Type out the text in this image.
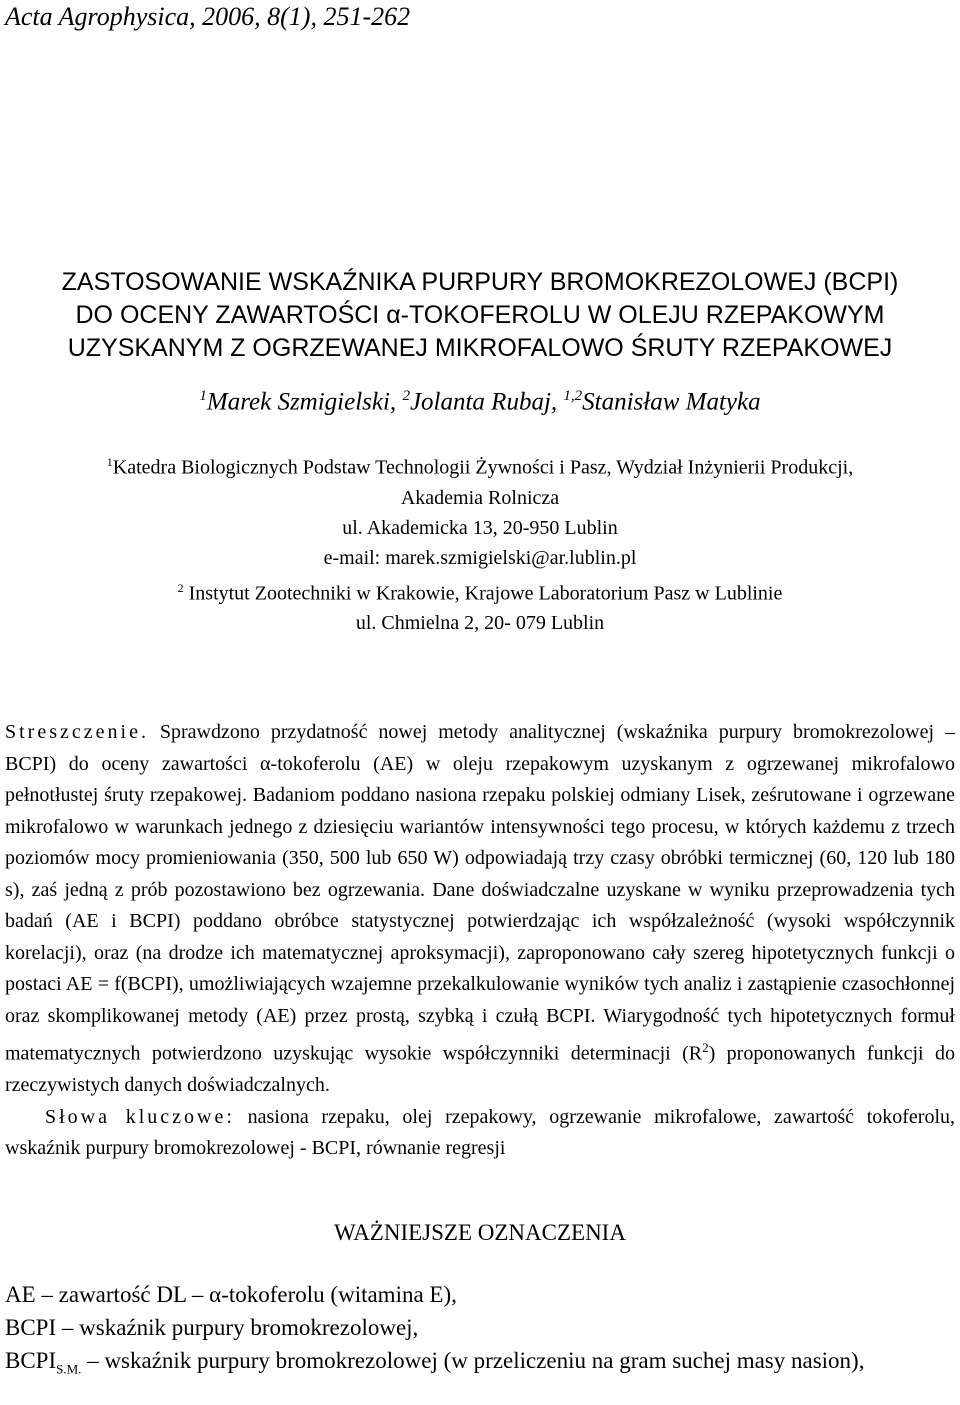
Acta Agrophysica, 2006, 8(1), 251-262
ZASTOSOWANIE WSKAŹNIKA PURPURY BROMOKREZOLOWEJ (BCPI)
DO OCENY ZAWARTOŚCI α-TOKOFEROLU W OLEJU RZEPAKOWYM
UZYSKANYM Z OGRZEWANEJ MIKROFALOWO ŚRUTY RZEPAKOWEJ
$^1$Marek Szmigielski, $^2$Jolanta Rubaj, $^{1,2}$Stanisław Matyka
$^1$Katedra Biologicznych Podstaw Technologii Żywności i Pasz, Wydział Inżynierii Produkcji,
Akademia Rolnicza
ul. Akademicka 13, 20-950 Lublin
e-mail: marek.szmigielski@ar.lublin.pl
$^2$ Instytut Zootechniki w Krakowie, Krajowe Laboratorium Pasz w Lublinie
ul. Chmielna 2, 20- 079 Lublin

Streszczenie. Sprawdzono przydatność nowej metody analitycznej (wskaźnika purpury bromokrezolowej – BCPI) do oceny zawartości α-tokoferolu (AE) w oleju rzepakowym uzyskanym z ogrzewanej mikrofalowo pełnotłustej śruty rzepakowej. Badaniom poddano nasiona rzepaku polskiej odmiany Lisek, ześrutowane i ogrzewane mikrofalowo w warunkach jednego z dziesięciu wariantów intensywności tego procesu, w których każdemu z trzech poziomów mocy promieniowania (350, 500 lub 650 W) odpowiadają trzy czasy obróbki termicznej (60, 120 lub 180 s), zaś jedną z prób pozostawiono bez ogrzewania. Dane doświadczalne uzyskane w wyniku przeprowadzenia tych badań (AE i BCPI) poddano obróbce statystycznej potwierdzając ich współzależność (wysoki współczynnik korelacji), oraz (na drodze ich matematycznej aproksymacji), zaproponowano cały szereg hipotetycznych funkcji o postaci AE = f(BCPI), umożliwiających wzajemne przekalkulowanie wyników tych analiz i zastąpienie czasochłonnej oraz skomplikowanej metody (AE) przez prostą, szybką i czułą BCPI. Wiarygodność tych hipotetycznych formuł matematycznych potwierdzono uzyskując wysokie współczynniki determinacji $(R^2)$ proponowanych funkcji do rzeczywistych danych doświadczalnych.

Słowa kluczowe: nasiona rzepaku, olej rzepakowy, ogrzewanie mikrofalowe, zawartość tokoferolu, wskaźnik purpury bromokrezolowej - BCPI, równanie regresji

WAŻNIEJSZE OZNACZENIA
AE – zawartość DL – α-tokoferolu (witamina E),
BCPI – wskaźnik purpury bromokrezolowej,
$BCPI_{S.M.}$ – wskaźnik purpury bromokrezolowej (w przeliczeniu na gram suchej masy nasion),
